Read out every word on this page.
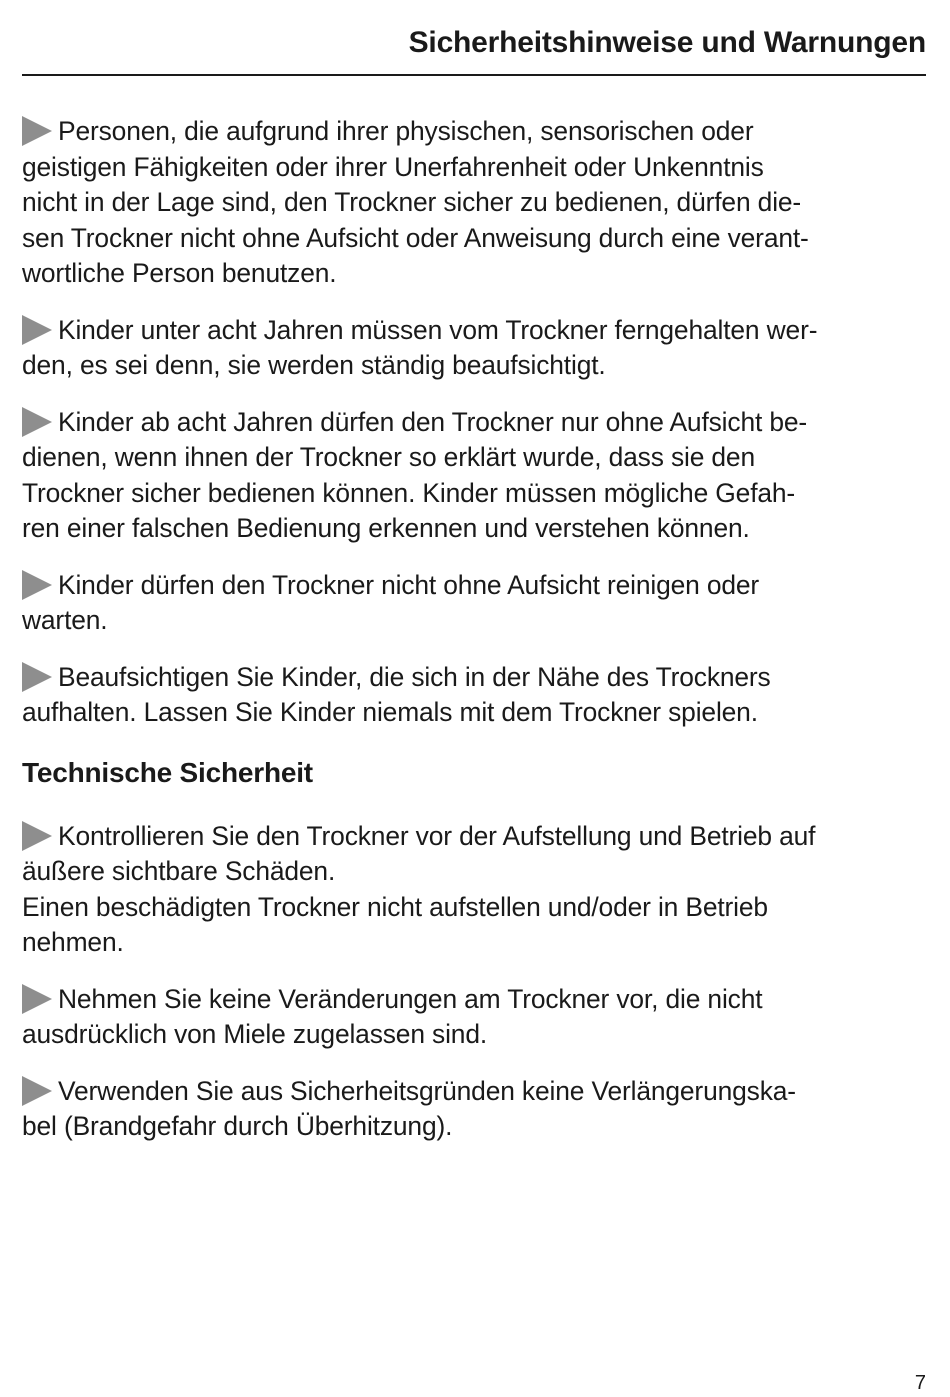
Sicherheitshinweise und Warnungen

Personen, die aufgrund ihrer physischen, sensorischen oder
geistigen Fähigkeiten oder ihrer Unerfahrenheit oder Unkenntnis
nicht in der Lage sind, den Trockner sicher zu bedienen, dürfen die-
sen Trockner nicht ohne Aufsicht oder Anweisung durch eine verant-
wortliche Person benutzen.

Kinder unter acht Jahren müssen vom Trockner ferngehalten wer-
den, es sei denn, sie werden ständig beaufsichtigt.

Kinder ab acht Jahren dürfen den Trockner nur ohne Aufsicht be-
dienen, wenn ihnen der Trockner so erklärt wurde, dass sie den
Trockner sicher bedienen können. Kinder müssen mögliche Gefah-
ren einer falschen Bedienung erkennen und verstehen können.

Kinder dürfen den Trockner nicht ohne Aufsicht reinigen oder
warten.

Beaufsichtigen Sie Kinder, die sich in der Nähe des Trockners
aufhalten. Lassen Sie Kinder niemals mit dem Trockner spielen.

Technische Sicherheit

Kontrollieren Sie den Trockner vor der Aufstellung und Betrieb auf
äußere sichtbare Schäden.
Einen beschädigten Trockner nicht aufstellen und/oder in Betrieb
nehmen.

Nehmen Sie keine Veränderungen am Trockner vor, die nicht
ausdrücklich von Miele zugelassen sind.

Verwenden Sie aus Sicherheitsgründen keine Verlängerungska-
bel (Brandgefahr durch Überhitzung).

7
